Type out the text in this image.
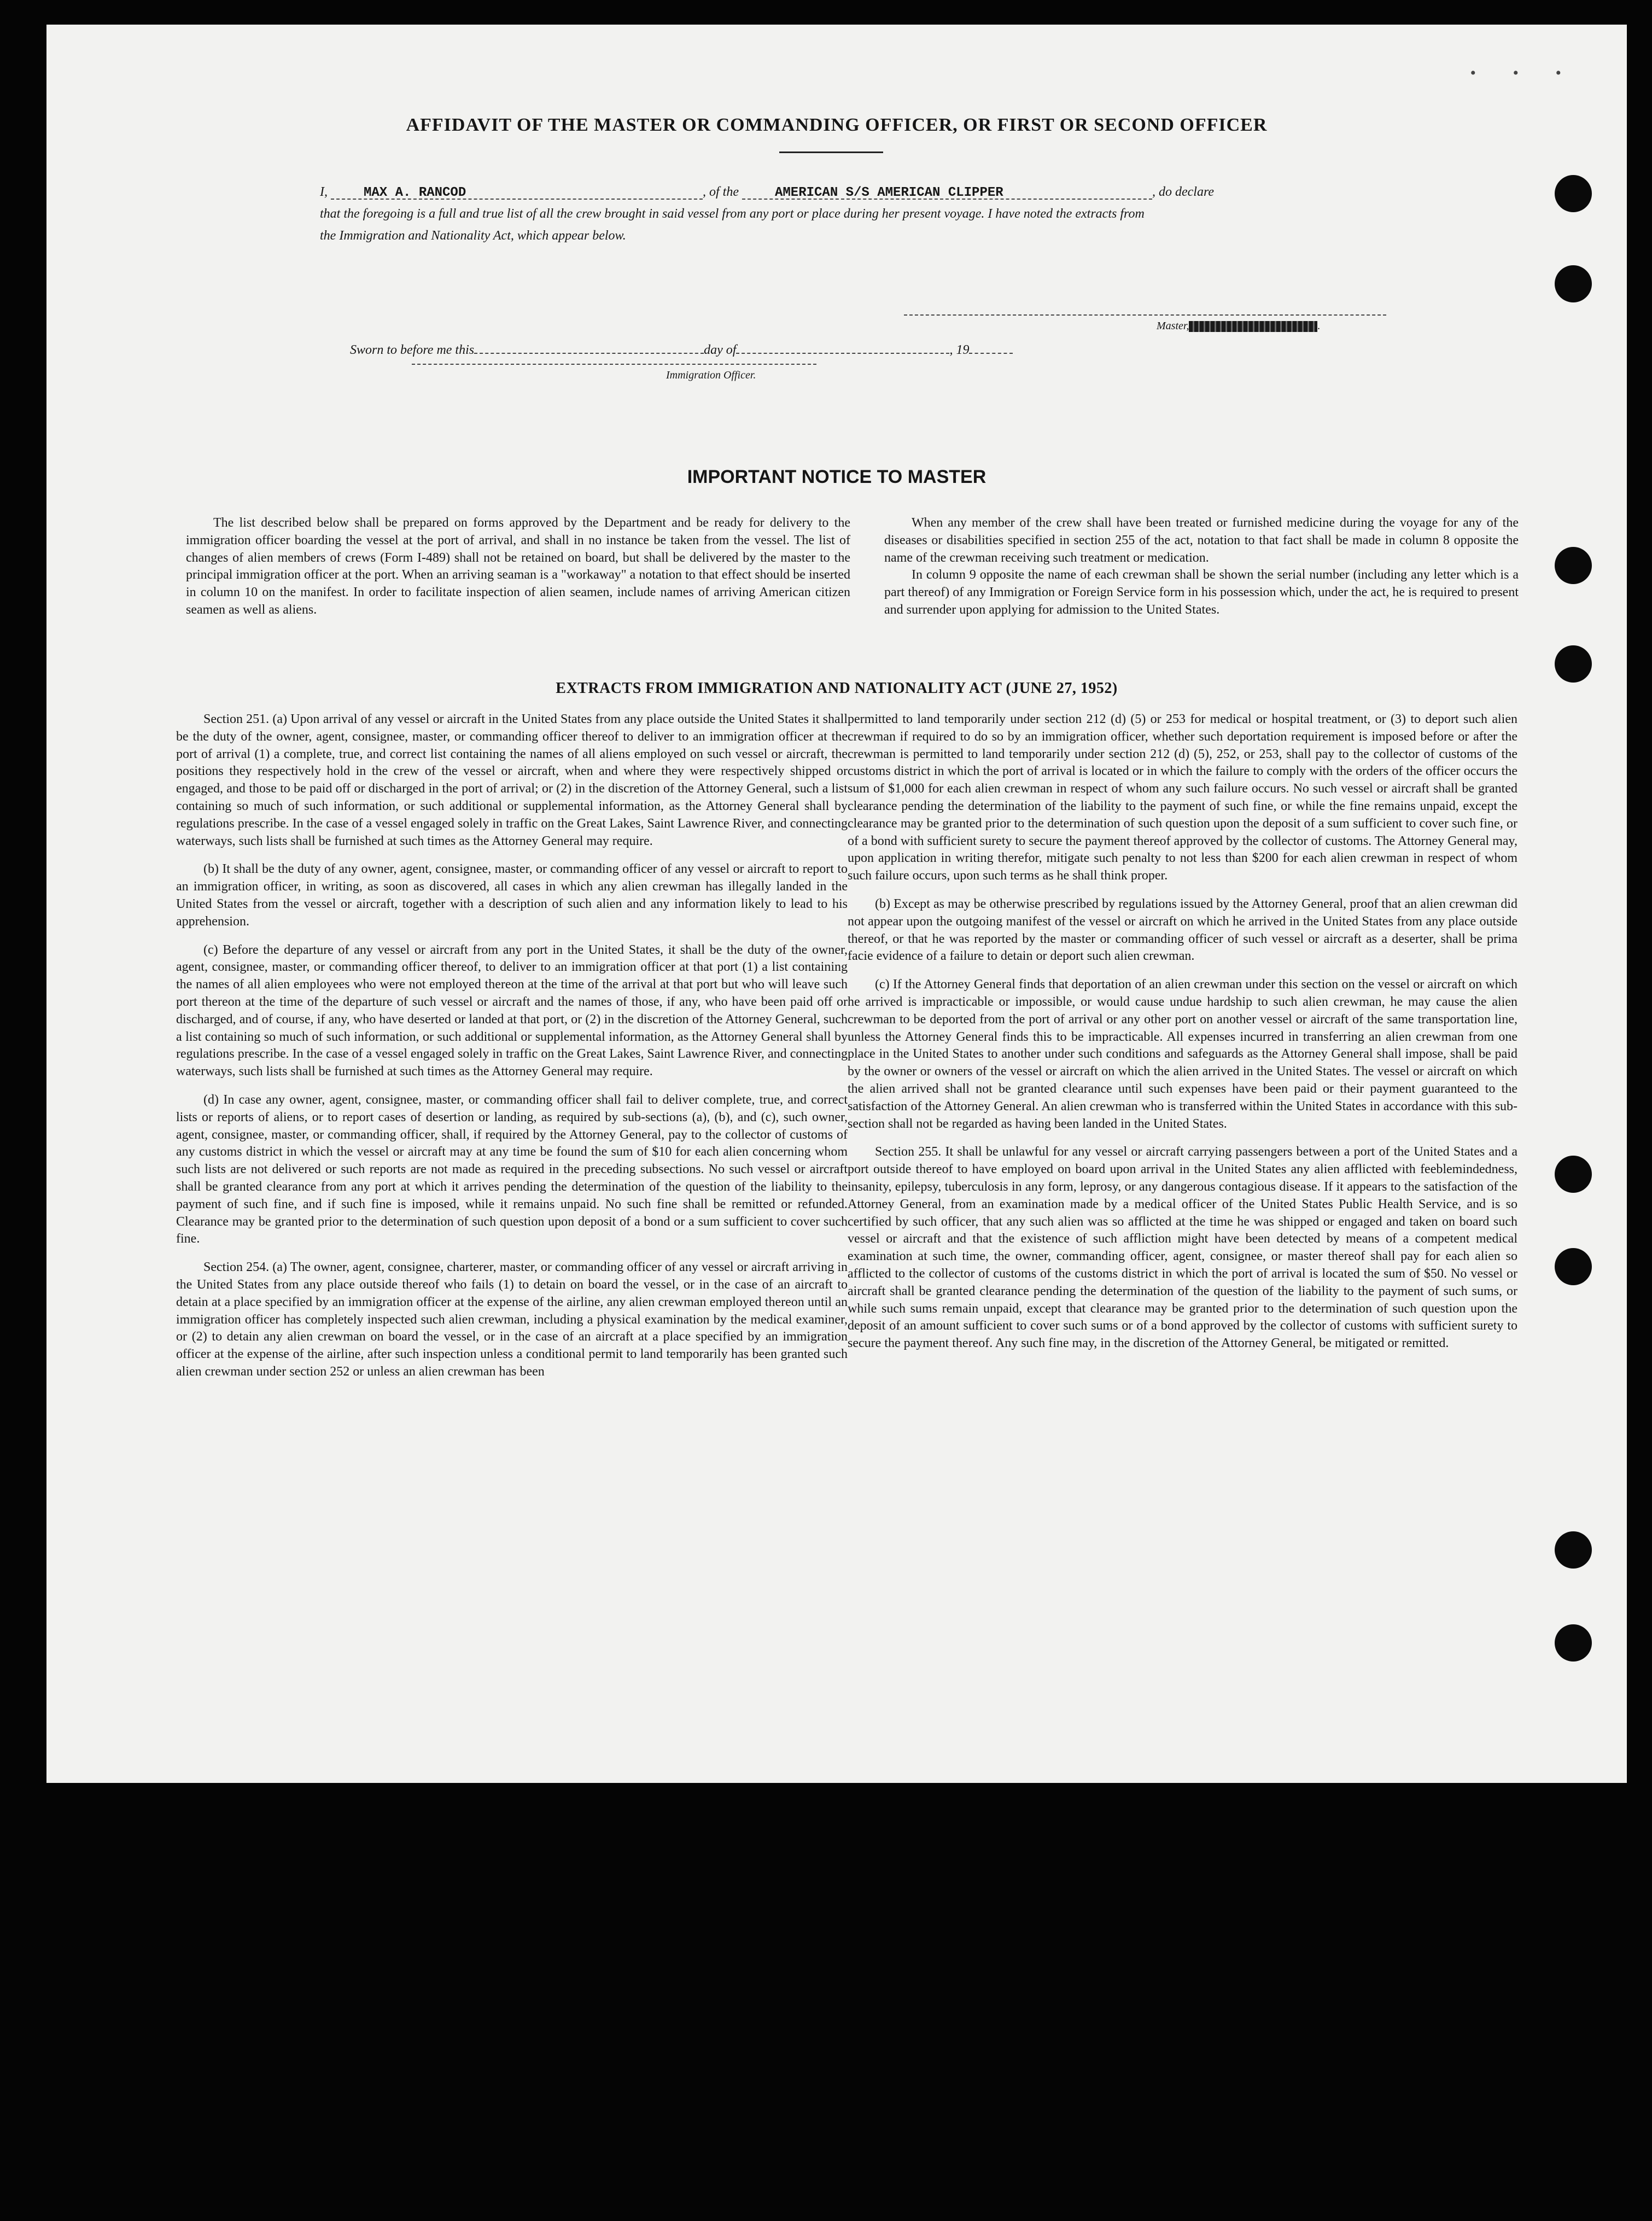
• • •
AFFIDAVIT OF THE MASTER OR COMMANDING OFFICER, OR FIRST OR SECOND OFFICER
I,	MAX A. RANCOD	, of the	AMERICAN S/S AMERICAN CLIPPER	, do declare
that the foregoing is a full and true list of all the crew brought in said vessel from any port or place during her present voyage. I have noted the extracts from
the Immigration and Nationality Act, which appear below.
Master,	.
Sworn to before me this	day of	, 19
Immigration Officer.
IMPORTANT NOTICE TO MASTER

The list described below shall be prepared on forms approved by the Department and be ready for delivery to the immigration officer boarding the vessel at the port of arrival, and shall in no instance be taken from the vessel. The list of changes of alien members of crews (Form I-489) shall not be retained on board, but shall be delivered by the master to the principal immigration officer at the port. When an arriving seaman is a "workaway" a notation to that effect should be inserted in column 10 on the manifest. In order to facilitate inspection of alien seamen, include names of arriving American citizen seamen as well as aliens.

When any member of the crew shall have been treated or furnished medicine during the voyage for any of the diseases or disabilities specified in section 255 of the act, notation to that fact shall be made in column 8 opposite the name of the crewman receiving such treatment or medication.

In column 9 opposite the name of each crewman shall be shown the serial number (including any letter which is a part thereof) of any Immigration or Foreign Service form in his possession which, under the act, he is required to present and surrender upon applying for admission to the United States.

EXTRACTS FROM IMMIGRATION AND NATIONALITY ACT (JUNE 27, 1952)

Section 251. (a) Upon arrival of any vessel or aircraft in the United States from any place outside the United States it shall be the duty of the owner, agent, consignee, master, or commanding officer thereof to deliver to an immigration officer at the port of arrival (1) a complete, true, and correct list containing the names of all aliens employed on such vessel or aircraft, the positions they respectively hold in the crew of the vessel or aircraft, when and where they were respectively shipped or engaged, and those to be paid off or discharged in the port of arrival; or (2) in the discretion of the Attorney General, such a list containing so much of such information, or such additional or supplemental information, as the Attorney General shall by regulations prescribe. In the case of a vessel engaged solely in traffic on the Great Lakes, Saint Lawrence River, and connecting waterways, such lists shall be furnished at such times as the Attorney General may require.

(b) It shall be the duty of any owner, agent, consignee, master, or commanding officer of any vessel or aircraft to report to an immigration officer, in writing, as soon as discovered, all cases in which any alien crewman has illegally landed in the United States from the vessel or aircraft, together with a description of such alien and any information likely to lead to his apprehension.

(c) Before the departure of any vessel or aircraft from any port in the United States, it shall be the duty of the owner, agent, consignee, master, or commanding officer thereof, to deliver to an immigration officer at that port (1) a list containing the names of all alien employees who were not employed thereon at the time of the arrival at that port but who will leave such port thereon at the time of the departure of such vessel or aircraft and the names of those, if any, who have been paid off or discharged, and of course, if any, who have deserted or landed at that port, or (2) in the discretion of the Attorney General, such a list containing so much of such information, or such additional or supplemental information, as the Attorney General shall by regulations prescribe. In the case of a vessel engaged solely in traffic on the Great Lakes, Saint Lawrence River, and connecting waterways, such lists shall be furnished at such times as the Attorney General may require.

(d) In case any owner, agent, consignee, master, or commanding officer shall fail to deliver complete, true, and correct lists or reports of aliens, or to report cases of desertion or landing, as required by sub-sections (a), (b), and (c), such owner, agent, consignee, master, or commanding officer, shall, if required by the Attorney General, pay to the collector of customs of any customs district in which the vessel or aircraft may at any time be found the sum of $10 for each alien concerning whom such lists are not delivered or such reports are not made as required in the preceding subsections. No such vessel or aircraft shall be granted clearance from any port at which it arrives pending the determination of the question of the liability to the payment of such fine, and if such fine is imposed, while it remains unpaid. No such fine shall be remitted or refunded. Clearance may be granted prior to the determination of such question upon deposit of a bond or a sum sufficient to cover such fine.

Section 254. (a) The owner, agent, consignee, charterer, master, or commanding officer of any vessel or aircraft arriving in the United States from any place outside thereof who fails (1) to detain on board the vessel, or in the case of an aircraft to detain at a place specified by an immigration officer at the expense of the airline, any alien crewman employed thereon until an immigration officer has completely inspected such alien crewman, including a physical examination by the medical examiner, or (2) to detain any alien crewman on board the vessel, or in the case of an aircraft at a place specified by an immigration officer at the expense of the airline, after such inspection unless a conditional permit to land temporarily has been granted such alien crewman under section 252 or unless an alien crewman has been

permitted to land temporarily under section 212 (d) (5) or 253 for medical or hospital treatment, or (3) to deport such alien crewman if required to do so by an immigration officer, whether such deportation requirement is imposed before or after the crewman is permitted to land temporarily under section 212 (d) (5), 252, or 253, shall pay to the collector of customs of the customs district in which the port of arrival is located or in which the failure to comply with the orders of the officer occurs the sum of $1,000 for each alien crewman in respect of whom any such failure occurs. No such vessel or aircraft shall be granted clearance pending the determination of the liability to the payment of such fine, or while the fine remains unpaid, except the clearance may be granted prior to the determination of such question upon the deposit of a sum sufficient to cover such fine, or of a bond with sufficient surety to secure the payment thereof approved by the collector of customs. The Attorney General may, upon application in writing therefor, mitigate such penalty to not less than $200 for each alien crewman in respect of whom such failure occurs, upon such terms as he shall think proper.

(b) Except as may be otherwise prescribed by regulations issued by the Attorney General, proof that an alien crewman did not appear upon the outgoing manifest of the vessel or aircraft on which he arrived in the United States from any place outside thereof, or that he was reported by the master or commanding officer of such vessel or aircraft as a deserter, shall be prima facie evidence of a failure to detain or deport such alien crewman.

(c) If the Attorney General finds that deportation of an alien crewman under this section on the vessel or aircraft on which he arrived is impracticable or impossible, or would cause undue hardship to such alien crewman, he may cause the alien crewman to be deported from the port of arrival or any other port on another vessel or aircraft of the same transportation line, unless the Attorney General finds this to be impracticable. All expenses incurred in transferring an alien crewman from one place in the United States to another under such conditions and safeguards as the Attorney General shall impose, shall be paid by the owner or owners of the vessel or aircraft on which the alien arrived in the United States. The vessel or aircraft on which the alien arrived shall not be granted clearance until such expenses have been paid or their payment guaranteed to the satisfaction of the Attorney General. An alien crewman who is transferred within the United States in accordance with this sub-section shall not be regarded as having been landed in the United States.

Section 255. It shall be unlawful for any vessel or aircraft carrying passengers between a port of the United States and a port outside thereof to have employed on board upon arrival in the United States any alien afflicted with feeblemindedness, insanity, epilepsy, tuberculosis in any form, leprosy, or any dangerous contagious disease. If it appears to the satisfaction of the Attorney General, from an examination made by a medical officer of the United States Public Health Service, and is so certified by such officer, that any such alien was so afflicted at the time he was shipped or engaged and taken on board such vessel or aircraft and that the existence of such affliction might have been detected by means of a competent medical examination at such time, the owner, commanding officer, agent, consignee, or master thereof shall pay for each alien so afflicted to the collector of customs of the customs district in which the port of arrival is located the sum of $50. No vessel or aircraft shall be granted clearance pending the determination of the question of the liability to the payment of such sums, or while such sums remain unpaid, except that clearance may be granted prior to the determination of such question upon the deposit of an amount sufficient to cover such sums or of a bond approved by the collector of customs with sufficient surety to secure the payment thereof. Any such fine may, in the discretion of the Attorney General, be mitigated or remitted.
